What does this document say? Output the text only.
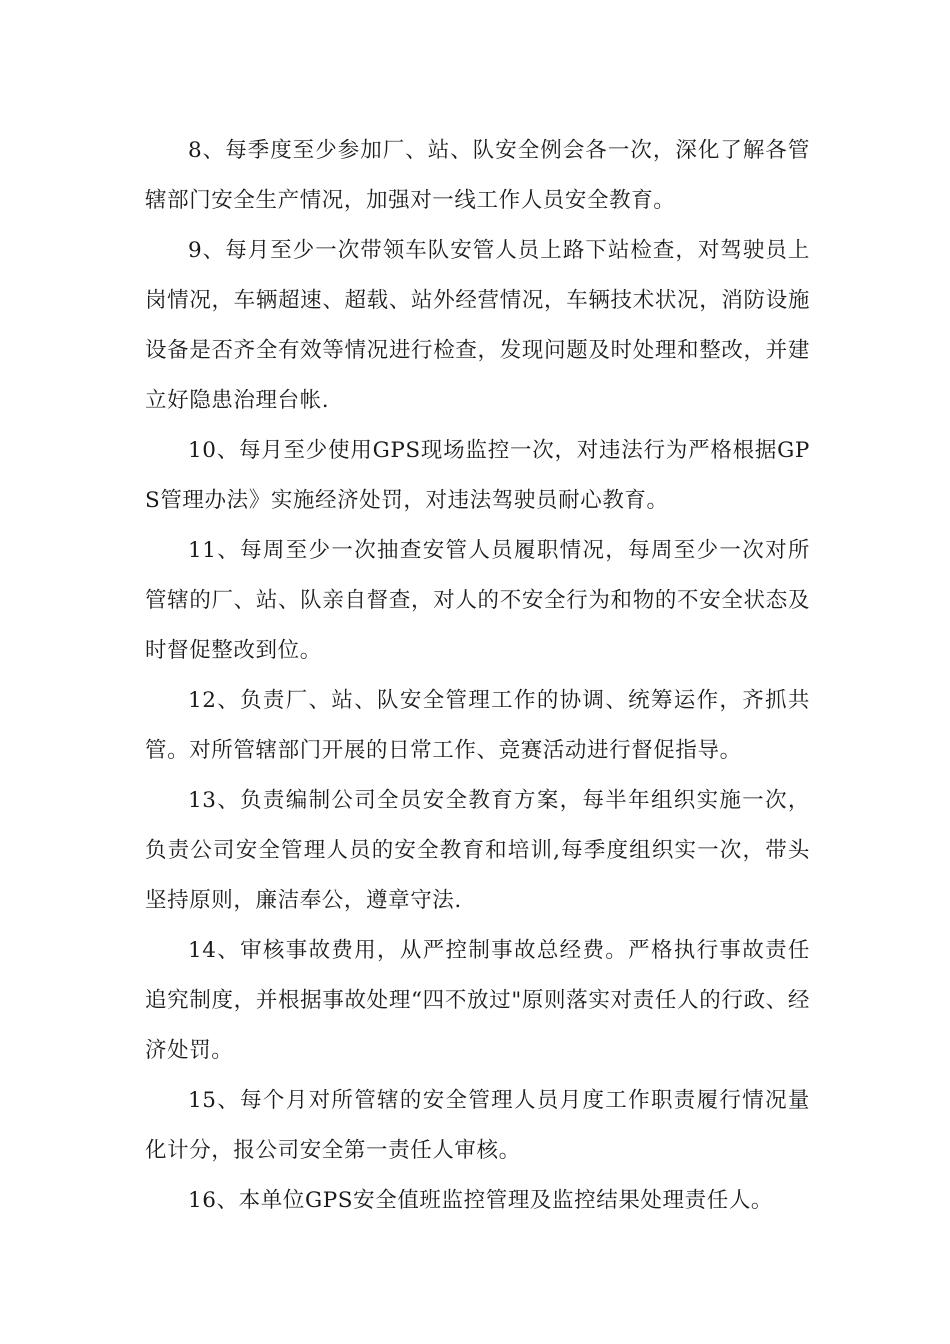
8、每季度至少参加厂、站、队安全例会各一次，深化了解各管辖部门安全生产情况，加强对一线工作人员安全教育。

9、每月至少一次带领车队安管人员上路下站检查，对驾驶员上岗情况，车辆超速、超载、站外经营情况，车辆技术状况，消防设施设备是否齐全有效等情况进行检查，发现问题及时处理和整改，并建立好隐患治理台帐.

10、每月至少使用GPS现场监控一次，对违法行为严格根据GPS管理办法》实施经济处罚，对违法驾驶员耐心教育。

11、每周至少一次抽查安管人员履职情况，每周至少一次对所管辖的厂、站、队亲自督查，对人的不安全行为和物的不安全状态及时督促整改到位。

12、负责厂、站、队安全管理工作的协调、统筹运作，齐抓共管。对所管辖部门开展的日常工作、竞赛活动进行督促指导。

13、负责编制公司全员安全教育方案，每半年组织实施一次，负责公司安全管理人员的安全教育和培训,每季度组织实一次，带头坚持原则，廉洁奉公，遵章守法.

14、审核事故费用，从严控制事故总经费。严格执行事故责任追究制度，并根据事故处理“四不放过"原则落实对责任人的行政、经济处罚。

15、每个月对所管辖的安全管理人员月度工作职责履行情况量化计分，报公司安全第一责任人审核。

16、本单位GPS安全值班监控管理及监控结果处理责任人。
